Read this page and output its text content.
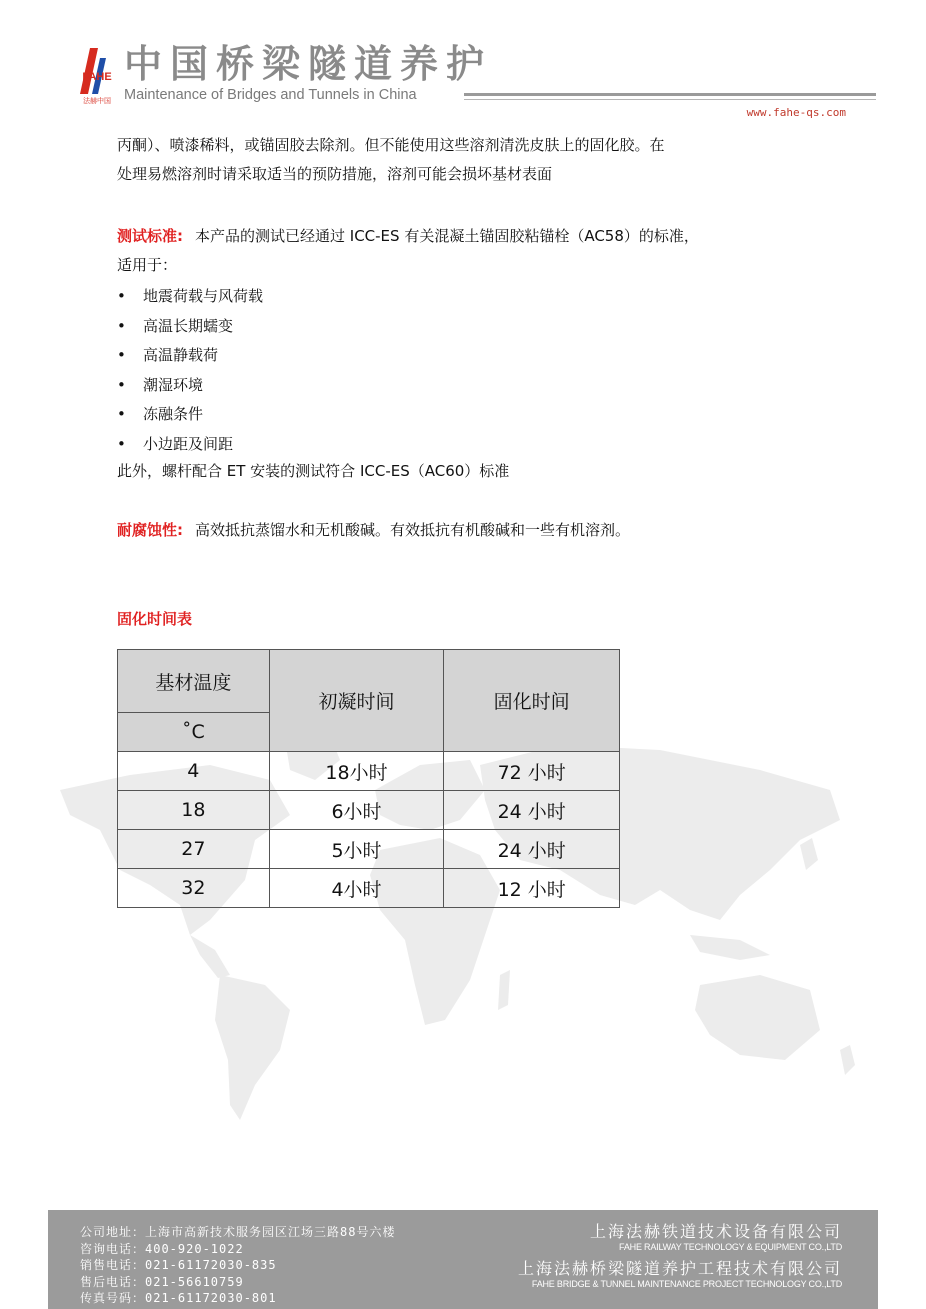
FAHE
法赫中国
中国桥梁隧道养护
Maintenance of Bridges and Tunnels in China
www.fahe-qs.com
丙酮）、喷漆稀料，或锚固胶去除剂。但不能使用这些溶剂清洗皮肤上的固化胶。在
处理易燃溶剂时请采取适当的预防措施，溶剂可能会损坏基材表面
测试标准: 本产品的测试已经通过 ICC-ES 有关混凝土锚固胶粘锚栓（AC58）的标准，
适用于：
• 地震荷载与风荷载
• 高温长期蠕变
• 高温静载荷
• 潮湿环境
• 冻融条件
• 小边距及间距
此外，螺杆配合 ET 安装的测试符合 ICC-ES（AC60）标准
耐腐蚀性: 高效抵抗蒸馏水和无机酸碱。有效抵抗有机酸碱和一些有机溶剂。
固化时间表
基材温度	初凝时间	固化时间
˚C		
4	18小时	72 小时
18	6小时	24 小时
27	5小时	24 小时
32	4小时	12 小时
公司地址：上海市高新技术服务园区江场三路88号六楼
咨询电话：400-920-1022
销售电话：021-61172030-835
售后电话：021-56610759
传真号码：021-61172030-801
上海法赫铁道技术设备有限公司
FAHE RAILWAY TECHNOLOGY & EQUIPMENT CO.,LTD
上海法赫桥梁隧道养护工程技术有限公司
FAHE BRIDGE & TUNNEL MAINTENANCE PROJECT TECHNOLOGY CO.,LTD
